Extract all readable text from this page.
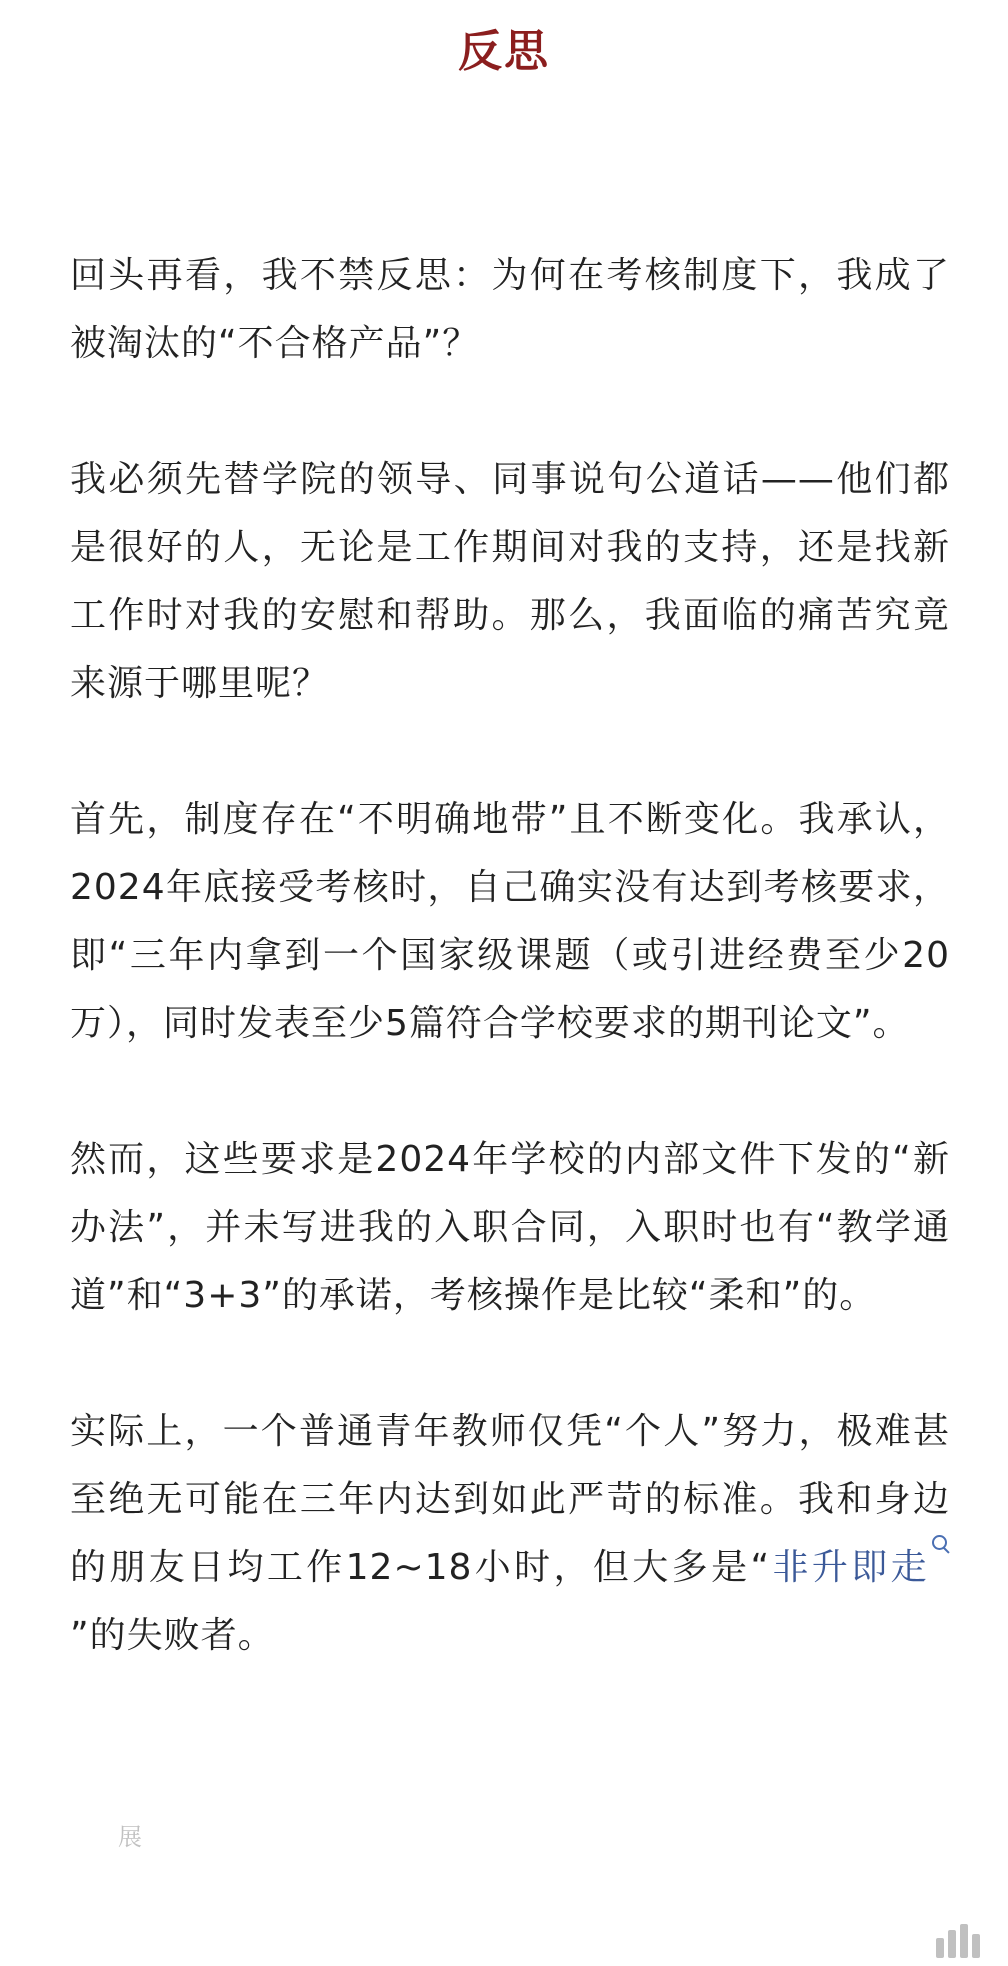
反思

回头再看，我不禁反思：为何在考核制度下，我成了被淘汰的“不合格产品”？

我必须先替学院的领导、同事说句公道话——他们都是很好的人，无论是工作期间对我的支持，还是找新工作时对我的安慰和帮助。那么，我面临的痛苦究竟来源于哪里呢？

首先，制度存在“不明确地带”且不断变化。我承认，2024年底接受考核时，自己确实没有达到考核要求，即“三年内拿到一个国家级课题（或引进经费至少20万），同时发表至少5篇符合学校要求的期刊论文”。

然而，这些要求是2024年学校的内部文件下发的“新办法”，并未写进我的入职合同，入职时也有“教学通道”和“3+3”的承诺，考核操作是比较“柔和”的。

实际上，一个普通青年教师仅凭“个人”努力，极难甚至绝无可能在三年内达到如此严苛的标准。我和身边的朋友日均工作12~18小时，但大多是“非升即走”的失败者。

展
